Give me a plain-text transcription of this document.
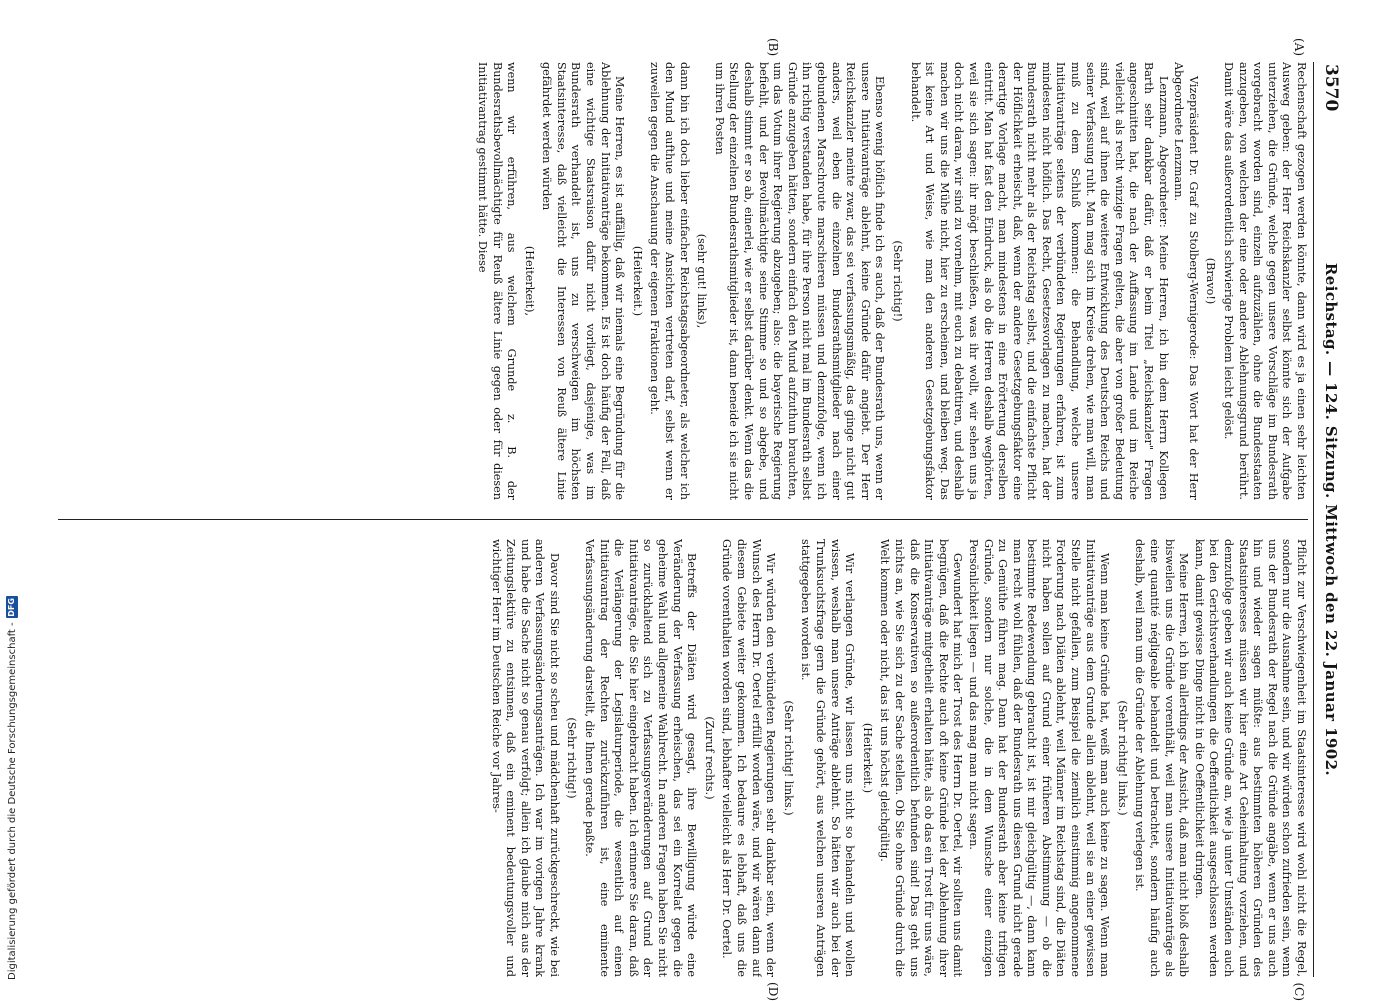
3570
Reichstag. — 124. Sitzung. Mittwoch den 22. Januar 1902.
(A)
(B)
(C)
(D)

Rechenschaft gezogen werden könnte, dann wird es ja einen sehr leichten Ausweg geben: der Herr Reichskanzler selbst könnte sich der Aufgabe unterziehen, die Gründe, welche gegen unsere Vorschläge im Bundesrath vorgebracht worden sind, einzeln aufzuzählen, ohne die Bundesstaaten anzugeben, von welchen der eine oder andere Ablehnungsgrund berührt. Damit wäre das außerordentlich schwierige Problem leicht gelöst.

(Bravo!)

Vizepräsident Dr. Graf zu Stolberg-Wernigerode: Das Wort hat der Herr Abgeordnete Lenzmann.

Lenzmann, Abgeordneter: Meine Herren, ich bin dem Herrn Kollegen Barth sehr dankbar dafür, daß er beim Titel „Reichskanzler" Fragen angeschnitten hat, die nach der Auffassung im Lande und im Reiche vielleicht als recht winzige Fragen gelten, die aber von großer Bedeutung sind, weil auf ihnen die weitere Entwicklung des Deutschen Reichs und seiner Verfassung ruht. Man mag sich im Kreise drehen, wie man will, man muß zu dem Schluß kommen: die Behandlung, welche unsere Initiativanträge seitens der verbündeten Regierungen erfahren, ist zum mindesten nicht höflich. Das Recht, Gesetzesvorlagen zu machen, hat der Bundesrath nicht mehr als der Reichstag selbst, und die einfachste Pflicht der Höflichkeit erheischt, daß, wenn der andere Gesetzgebungsfaktor eine derartige Vorlage macht, man mindestens in eine Erörterung derselben eintritt. Man hat fast den Eindruck, als ob die Herren deshalb weghörten, weil sie sich sagen: ihr mögt beschließen, was ihr wollt, wir sehen uns ja doch nicht daran, wir sind zu vornehm, mit euch zu debattiren, und deshalb machen wir uns die Mühe nicht, hier zu erscheinen, und bleiben weg. Das ist keine Art und Weise, wie man den anderen Gesetzgebungsfaktor behandelt.

(Sehr richtig!)

Ebenso wenig höflich finde ich es auch, daß der Bundesrath uns, wenn er unsere Initiativanträge ablehnt, keine Gründe dafür angiebt. Der Herr Reichskanzler meinte zwar, das sei verfassungsmäßig, das ginge nicht gut anders, weil eben die einzelnen Bundesrathsmitglieder nach einer gebundenen Marschroute marschieren müssen und demzufolge, wenn ich ihn richtig verstanden habe, für ihre Person nicht mal im Bundesrath selbst Gründe anzugeben hätten, sondern einfach den Mund aufzuthun brauchten, um das Votum ihrer Regierung abzugeben; also: die bayerische Regierung befiehlt, und der Bevollmächtigte seine Stimme so und so abgebe, und deshalb stimmt er so ab, einerlei, wie er selbst darüber denkt. Wenn das die Stellung der einzelnen Bundesrathsmitglieder ist, dann beneide ich sie nicht um ihren Posten

(sehr gut! links),

dann bin ich doch lieber einfacher Reichstagsabgeordneter, als welcher ich den Mund aufthue und meine Ansichten vertreten darf, selbst wenn er zuweilen gegen die Anschauung der eigenen Fraktionen geht.

(Heiterkeit.)

Meine Herren, es ist auffällig, daß wir niemals eine Begründung für die Ablehnung der Initiativanträge bekommen. Es ist doch häufig der Fall, daß eine wichtige Staatsraison dafür nicht vorliegt, dasjenige, was im Bundesrath verhandelt ist, uns zu verschweigen im höchsten Staatsinteresse, daß vielleicht die Interessen von Reuß ältere Linie gefährdet werden würden

(Heiterkeit),

wenn wir erführen, aus welchem Grunde z. B. der Bundesrathsbevollmächtigte für Reuß ältere Linie gegen oder für diesen Initiativantrag gestimmt hätte. Diese

Pflicht zur Verschwiegenheit im Staatsinteresse wird wohl nicht die Regel, sondern nur die Ausnahme sein, und wir würden schon zufrieden sein, wenn uns der Bundesrath der Regel nach die Gründe angäbe, wenn er uns auch hin und wieder sagen müßte: aus bestimmten höheren Gründen des Staatsinteresses müssen wir hier eine Art Geheimhaltung vorziehen, und demzufolge geben wir auch keine Gründe an, wie ja unter Umständen auch bei den Gerichtsverhandlungen die Oeffentlichkeit ausgeschlossen werden kann, damit gewisse Dinge nicht in die Oeffentlichkeit dringen.

Meine Herren, ich bin allerdings der Ansicht, daß man nicht bloß deshalb bisweilen uns die Gründe vorenthält, weil man unsere Initiativanträge als eine quantité négligeable behandelt und betrachtet, sondern häufig auch deshalb, weil man um die Gründe der Ablehnung verlegen ist.

(Sehr richtig! links.)

Wenn man keine Gründe hat, weiß man auch keine zu sagen. Wenn man Initiativanträge aus dem Grunde allein ablehnt, weil sie an einer gewissen Stelle nicht gefallen, zum Beispiel die ziemlich einstimmig angenommene Forderung nach Diäten ablehnt, weil Männer im Reichstag sind, die Diäten nicht haben sollen auf Grund einer früheren Abstimmung — ob die bestimmte Redewendung gebraucht ist, ist mir gleichgültig —, dann kann man recht wohl fühlen, daß der Bundesrath uns diesen Grund nicht gerade zu Gemüthe führen mag. Dann hat der Bundesrath aber keine triftigen Gründe, sondern nur solche, die in dem Wunsche einer einzigen Persönlichkeit liegen — und das mag man nicht sagen.

Gewundert hat mich der Trost des Herrn Dr. Oertel, wir sollten uns damit begnügen, daß die Rechte auch oft keine Gründe bei der Ablehnung ihrer Initiativanträge mitgetheilt erhalten hätte, als ob das ein Trost für uns wäre, daß die Konservativen so außerordentlich befunden sind! Das geht uns nichts an, wie Sie sich zu der Sache stellen. Ob Sie ohne Gründe durch die Welt kommen oder nicht, das ist uns höchst gleichgültig.

(Heiterkeit.)

Wir verlangen Gründe, wir lassen uns nicht so behandeln und wollen wissen, weshalb man unsere Anträge ablehnt. So hätten wir auch bei der Trunksuchtsfrage gern die Gründe gehört, aus welchen unseren Anträgen stattgegeben worden ist.

(Sehr richtig! links.)

Wir würden den verbündeten Regierungen sehr dankbar sein, wenn der Wunsch des Herrn Dr. Oertel erfüllt worden wäre, und wir wären dann auf diesem Gebiete weiter gekommen. Ich bedaure es lebhaft, daß uns die Gründe vorenthalten worden sind, lebhafter vielleicht als Herr Dr. Oertel.

(Zuruf rechts.)

Betreffs der Diäten wird gesagt, ihre Bewilligung würde eine Veränderung der Verfassung erheischen, das sei ein Korrelat gegen die geheime Wahl und allgemeine Wahlrecht. In anderen Fragen haben Sie nicht so zurückhaltend sich zu Verfassungsveränderungen auf Grund der Initiativanträge, die Sie hier eingebracht haben. Ich erinnere Sie daran, daß die Verlängerung der Legislaturperiode, die wesentlich auf einen Initiativantrag der Rechten zurückzuführen ist, eine eminente Verfassungsänderung darstellt, die Ihnen gerade paßte.

(Sehr richtig!)

Davor sind Sie nicht so scheu und mädchenhaft zurückgeschreckt, wie bei anderen Verfassungsänderungsanträgen. Ich war im vorigen Jahre krank und habe die Sache nicht so genau verfolgt; allein ich glaube mich aus der Zeitungslektüre zu entsinnen, daß ein eminent bedeutungsvoller und wichtiger Herr im Deutschen Reiche vor Jahres-

Digitalisierung gefördert durch die Deutsche Forschungsgemeinschaft -
DFG
